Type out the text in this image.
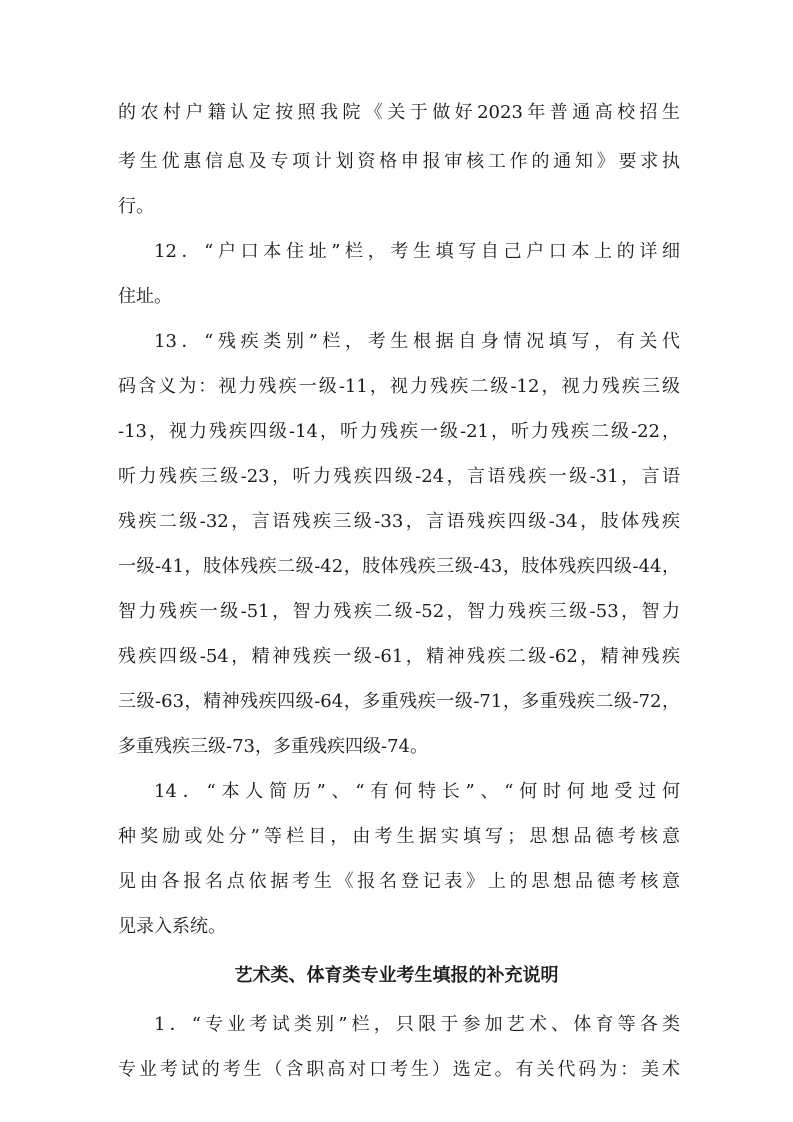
的农村户籍认定按照我院《关于做好2023年普通高校招生
考生优惠信息及专项计划资格申报审核工作的通知》要求执
行。
12．“户口本住址”栏，考生填写自己户口本上的详细
住址。
13．“残疾类别”栏，考生根据自身情况填写，有关代
码含义为：视力残疾一级-11，视力残疾二级-12，视力残疾三级
-13，视力残疾四级-14，听力残疾一级-21，听力残疾二级-22，
听力残疾三级-23，听力残疾四级-24，言语残疾一级-31，言语
残疾二级-32，言语残疾三级-33，言语残疾四级-34，肢体残疾
一级-41，肢体残疾二级-42，肢体残疾三级-43，肢体残疾四级-44，
智力残疾一级-51，智力残疾二级-52，智力残疾三级-53，智力
残疾四级-54，精神残疾一级-61，精神残疾二级-62，精神残疾
三级-63，精神残疾四级-64，多重残疾一级-71，多重残疾二级-72，
多重残疾三级-73，多重残疾四级-74。
14．“本人简历”、“有何特长”、“何时何地受过何
种奖励或处分”等栏目，由考生据实填写；思想品德考核意
见由各报名点依据考生《报名登记表》上的思想品德考核意
见录入系统。
艺术类、体育类专业考生填报的补充说明
1．“专业考试类别”栏，只限于参加艺术、体育等各类
专业考试的考生（含职高对口考生）选定。有关代码为：美术
